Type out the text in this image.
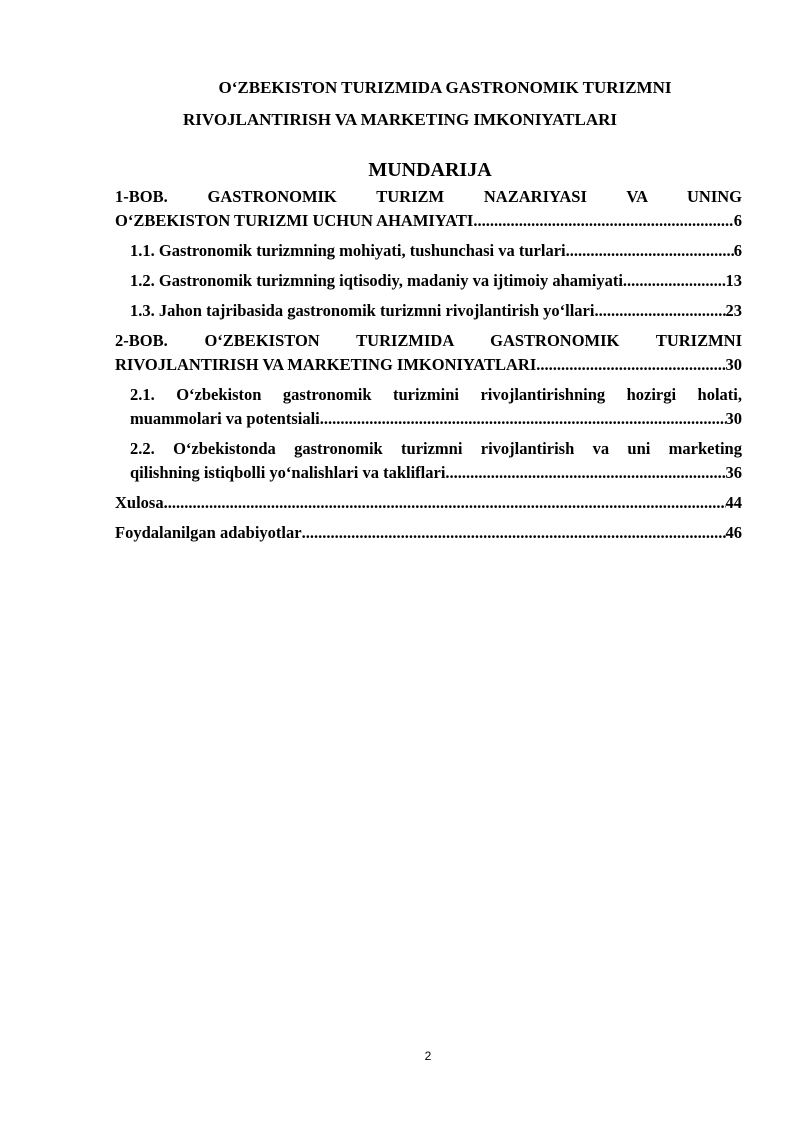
O‘ZBEKISTON TURIZMIDA GASTRONOMIK TURIZMNI
RIVOJLANTIRISH VA MARKETING IMKONIYATLARI
MUNDARIJA
1-BOB. GASTRONOMIK TURIZM NAZARIYASI VA UNING
O‘ZBEKISTON TURIZMI UCHUN AHAMIYATI .....	6
1.1. Gastronomik turizmning mohiyati, tushunchasi va turlari .....	6
1.2. Gastronomik turizmning iqtisodiy, madaniy va ijtimoiy ahamiyati .....	13
1.3. Jahon tajribasida gastronomik turizmni rivojlantirish yo‘llari .....	23
2-BOB. O‘ZBEKISTON TURIZMIDA GASTRONOMIK TURIZMNI
RIVOJLANTIRISH VA MARKETING IMKONIYATLARI .....	30
2.1. O‘zbekiston gastronomik turizmini rivojlantirishning hozirgi holati,
muammolari va potentsiali .....	30
2.2. O‘zbekistonda gastronomik turizmni rivojlantirish va uni marketing
qilishning istiqbolli yo‘nalishlari va takliflari .....	36
Xulosa .....	44
Foydalanilgan adabiyotlar .....	46
2
